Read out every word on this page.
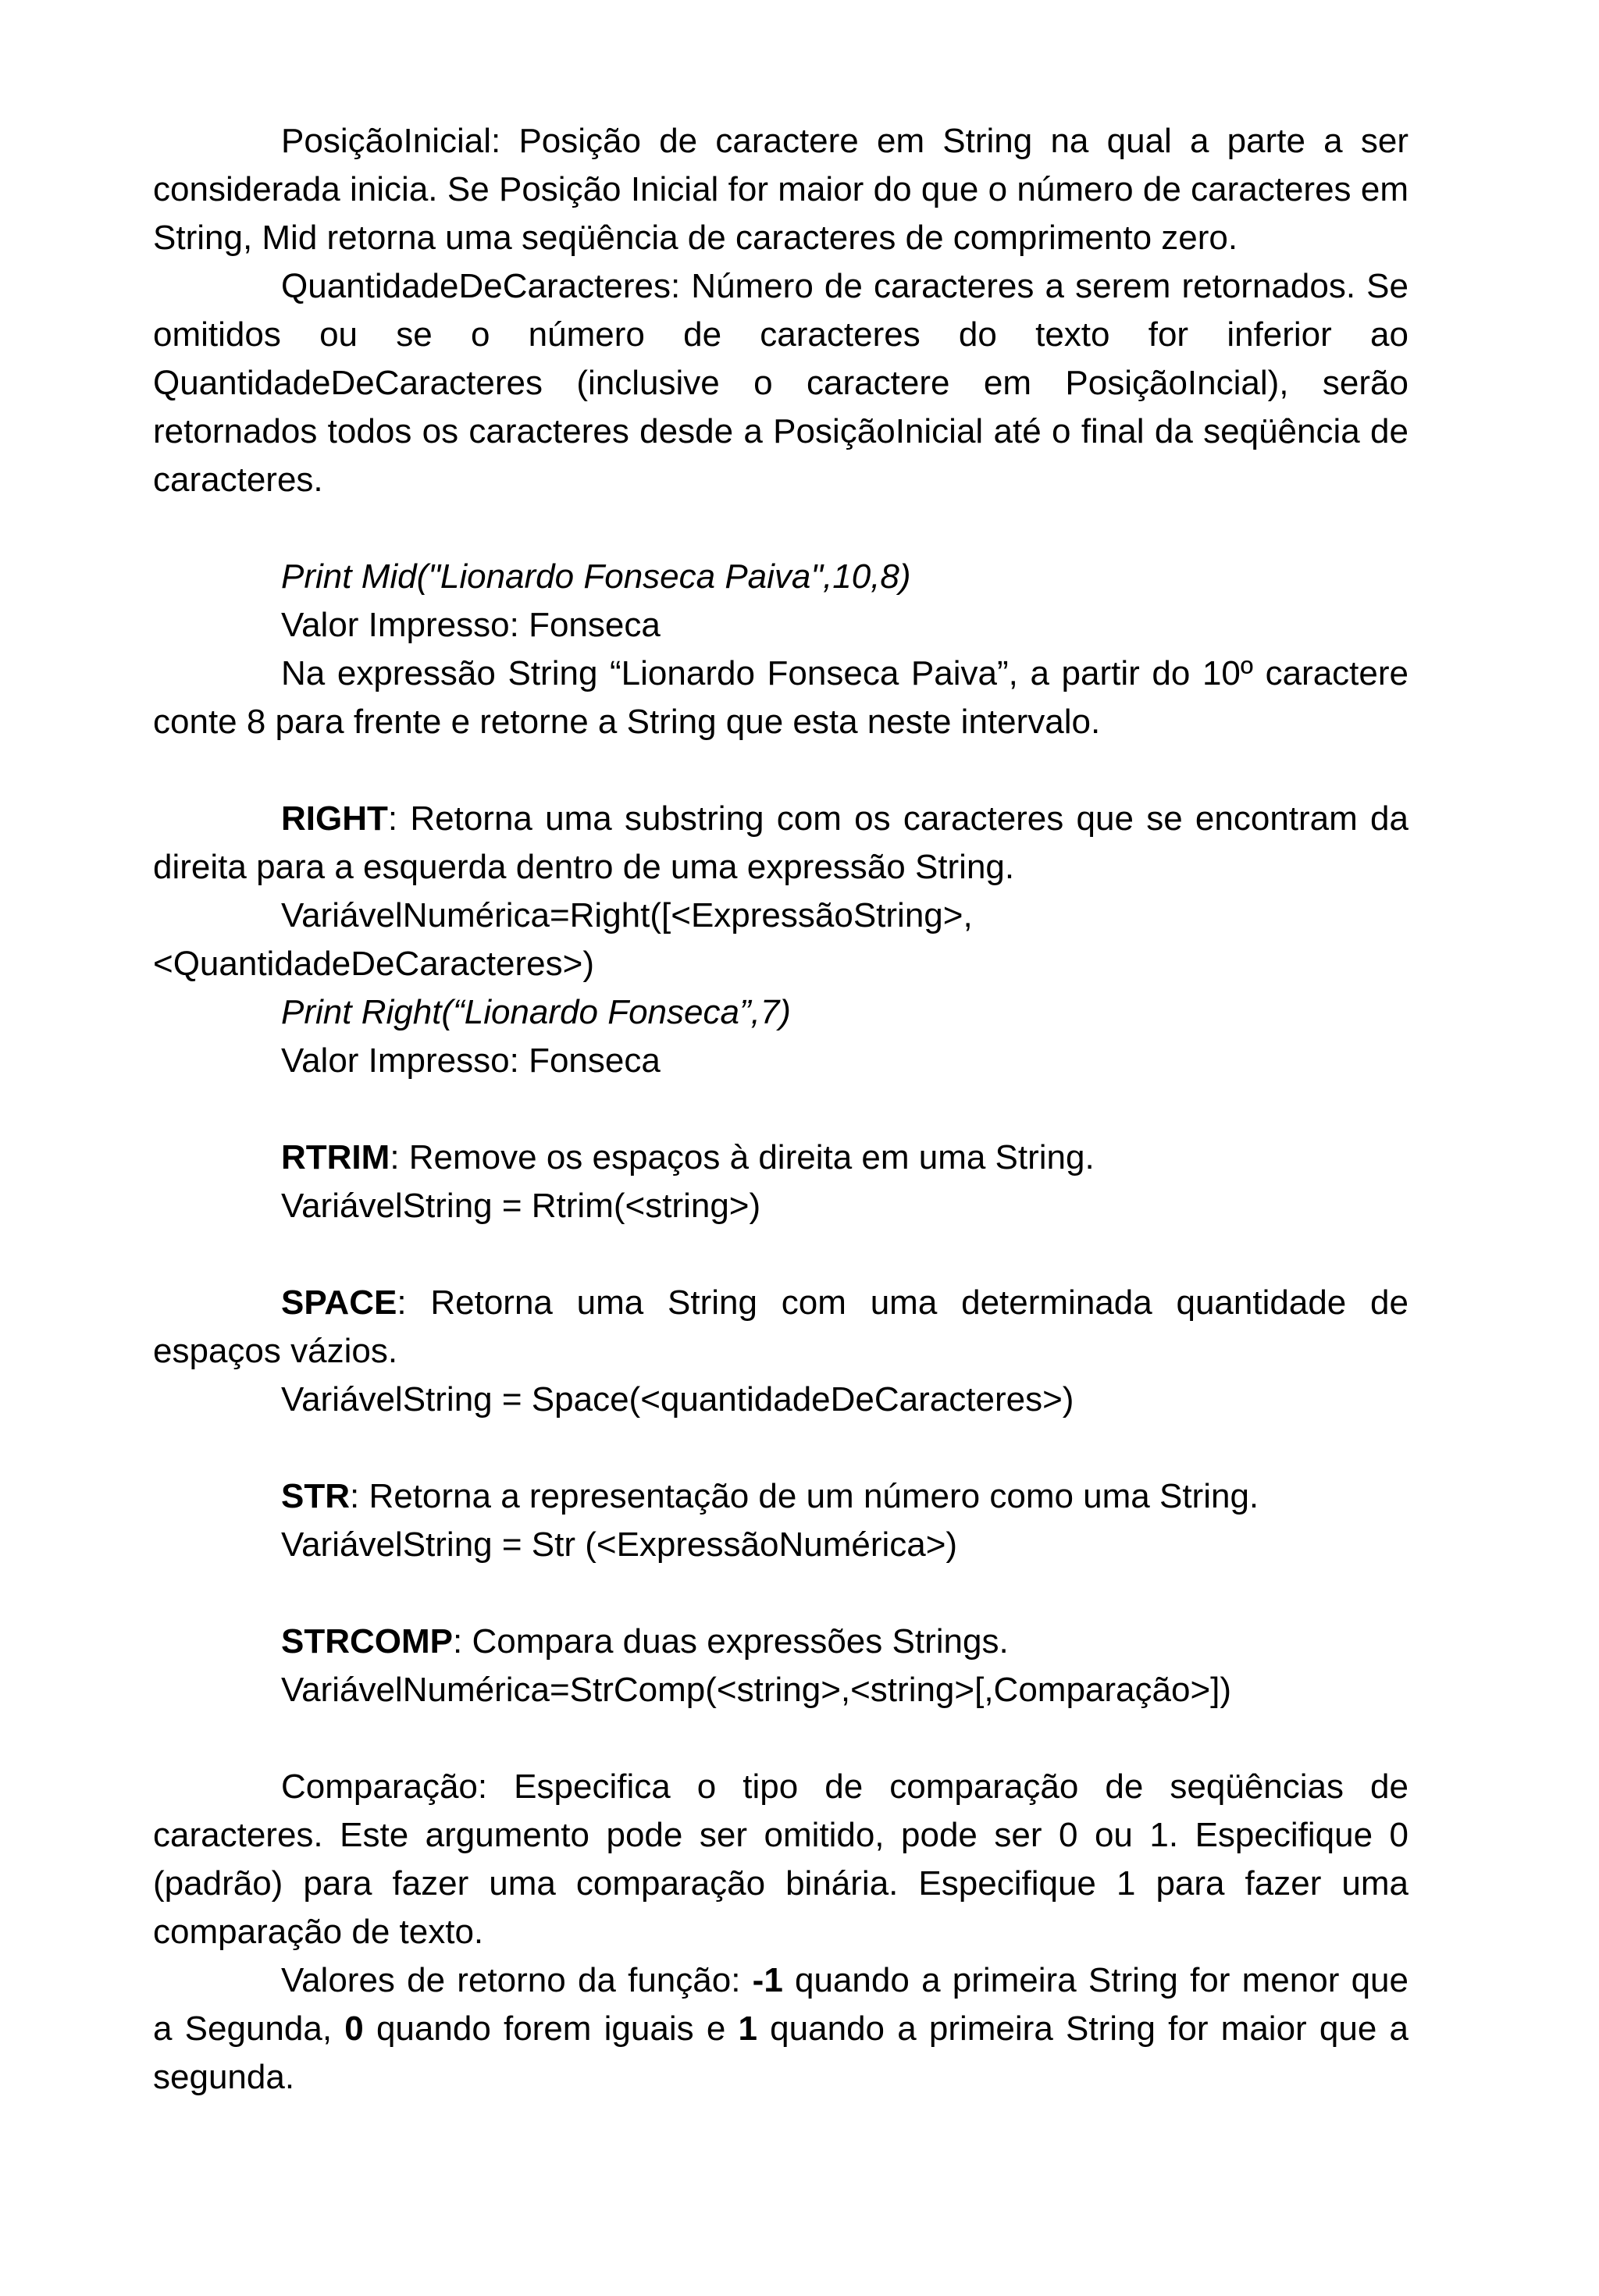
PosiçãoInicial: Posição de caractere em String na qual a parte a ser considerada inicia. Se Posição Inicial for maior do que o número de caracteres em String, Mid retorna uma seqüência de caracteres de comprimento zero.

QuantidadeDeCaracteres: Número de caracteres a serem retornados. Se omitidos ou se o número de caracteres do texto for inferior ao QuantidadeDeCaracteres (inclusive o caractere em PosiçãoIncial), serão retornados todos os caracteres desde a PosiçãoInicial até o final da seqüência de caracteres.

Print Mid("Lionardo Fonseca Paiva",10,8)

Valor Impresso: Fonseca

Na expressão String “Lionardo Fonseca Paiva”, a partir do 10º caractere conte 8 para frente e retorne a String que esta neste intervalo.

RIGHT: Retorna uma substring com os caracteres que se encontram da direita para a esquerda dentro de uma expressão String.

VariávelNumérica=Right([<ExpressãoString>,

<QuantidadeDeCaracteres>)

Print Right(“Lionardo Fonseca”,7)

Valor Impresso: Fonseca

RTRIM: Remove os espaços à direita em uma String.

VariávelString = Rtrim(<string>)

SPACE: Retorna uma String com uma determinada quantidade de espaços vázios.

VariávelString = Space(<quantidadeDeCaracteres>)

STR: Retorna a representação de um número como uma String.

VariávelString = Str (<ExpressãoNumérica>)

STRCOMP: Compara duas expressões Strings.

VariávelNumérica=StrComp(<string>,<string>[,Comparação>])

Comparação: Especifica o tipo de comparação de seqüências de caracteres. Este argumento pode ser omitido, pode ser 0 ou 1. Especifique 0 (padrão) para fazer uma comparação binária. Especifique 1 para fazer uma comparação de texto.

Valores de retorno da função: -1 quando a primeira String for menor que a Segunda, 0 quando forem iguais e 1 quando a primeira String for maior que a segunda.
